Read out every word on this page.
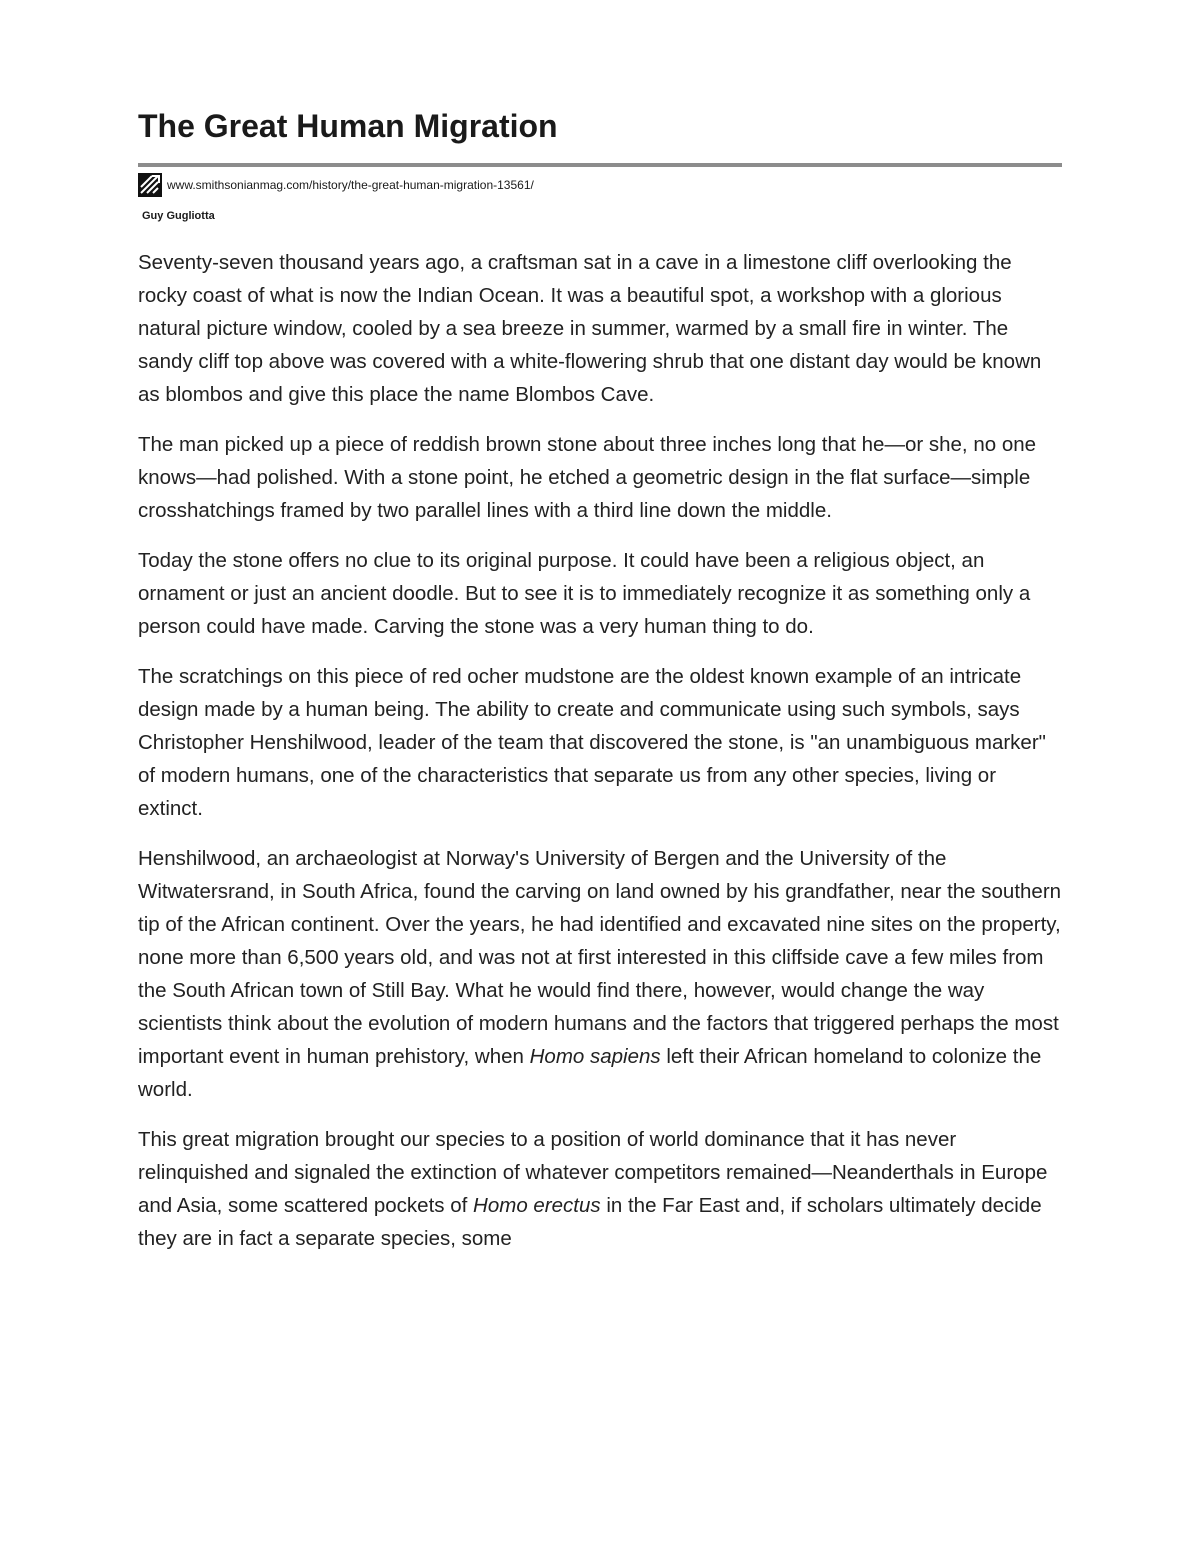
The Great Human Migration
www.smithsonianmag.com/history/the-great-human-migration-13561/
Guy Gugliotta

Seventy-seven thousand years ago, a craftsman sat in a cave in a limestone cliff overlooking the rocky coast of what is now the Indian Ocean. It was a beautiful spot, a workshop with a glorious natural picture window, cooled by a sea breeze in summer, warmed by a small fire in winter. The sandy cliff top above was covered with a white-flowering shrub that one distant day would be known as blombos and give this place the name Blombos Cave.

The man picked up a piece of reddish brown stone about three inches long that he—or she, no one knows—had polished. With a stone point, he etched a geometric design in the flat surface—simple crosshatchings framed by two parallel lines with a third line down the middle.

Today the stone offers no clue to its original purpose. It could have been a religious object, an ornament or just an ancient doodle. But to see it is to immediately recognize it as something only a person could have made. Carving the stone was a very human thing to do.

The scratchings on this piece of red ocher mudstone are the oldest known example of an intricate design made by a human being. The ability to create and communicate using such symbols, says Christopher Henshilwood, leader of the team that discovered the stone, is "an unambiguous marker" of modern humans, one of the characteristics that separate us from any other species, living or extinct.

Henshilwood, an archaeologist at Norway's University of Bergen and the University of the Witwatersrand, in South Africa, found the carving on land owned by his grandfather, near the southern tip of the African continent. Over the years, he had identified and excavated nine sites on the property, none more than 6,500 years old, and was not at first interested in this cliffside cave a few miles from the South African town of Still Bay. What he would find there, however, would change the way scientists think about the evolution of modern humans and the factors that triggered perhaps the most important event in human prehistory, when Homo sapiens left their African homeland to colonize the world.

This great migration brought our species to a position of world dominance that it has never relinquished and signaled the extinction of whatever competitors remained—Neanderthals in Europe and Asia, some scattered pockets of Homo erectus in the Far East and, if scholars ultimately decide they are in fact a separate species, some
